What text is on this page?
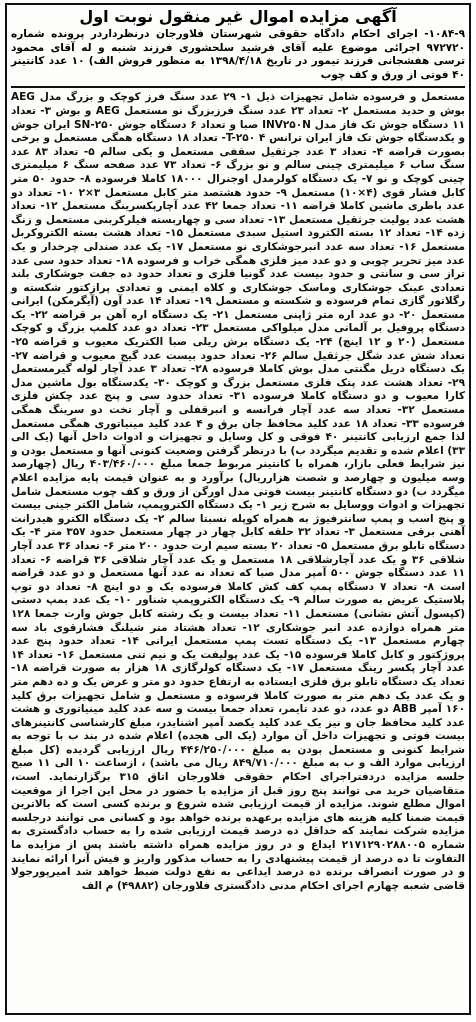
آگهی مزایده اموال غیر منقول نوبت اول

۱۰۸۴-۹- اجرای احکام دادگاه حقوقی شهرستان فلاورجان درنظرداردر پرونده شماره ۹۷۲۷۲۰ اجرائی موضوع علیه آقای فرشید سلحشوری فرزند شنبه و له آقای محمود ترسی هفشجانی فرزند تیمور در تاریخ ۱۳۹۸/۴/۱۸ به منظور فروش الف) ۱۰ عدد کانتینر ۴۰ فوتی از ورق و کف چوب

مستعمل و فرسوده شامل تجهیزات ذیل ۱- ۲۹ عدد سنگ فرز کوچک و بزرگ مدل AEG بوش و حدید مستعمل ۲- تعداد ۲۳ عدد سنگ فرزبزرگ نو مستعمل AEG و بوش ۳- تعداد ۱۱ دستگاه جوش تک فاز مدل INV۲۵۰N صبا و تعداد ۶ دستگاه جوش SN-۲۵۰ ایران جوش و یکدستگاه جوش تک فاز ایران ترانس T-۲۵۰ ۴- تعداد ۱۸ دستگاه همگی مستعمل و برخی بصورت قراضه ۴- تعداد ۳ عدد جرثقیل سقفی مستعمل و یکی سالم ۵- تعداد ۸۳ عدد سنگ ساب ۶ میلیمتری چینی سالم و نو بزرگ ۶- تعداد ۷۳ عدد صفحه سنگ ۶ میلیمتری چینی کوچک و نو ۷- یک دستگاه کولرمدل اوجنرال ۱۸۰۰۰ کاملا فرسوده ۸- حدود ۵۰ متر کابل فشار قوی (۴×۱۰) مستعمل ۹- حدود هشتصد متر کابل مستعمل ۳×۲ ۱۰- تعداد دو عدد باطری ماشین کاملا قراضه ۱۱- تعداد جمعا ۴۲ عدد آچارپکسرینگ مستعمل ۱۲- تعداد هشت عدد یولیت جرثقیل مستعمل ۱۳- تعداد سی و چهاربسته فیلرکربنی مستعمل و زنگ زده ۱۴- تعداد ۱۲ بسته الکترود استیل سبدی مستعمل ۱۵- تعداد هشت بسته الکتروکربل مستعمل ۱۶- تعداد سه عدد انبرجوشکاری نو مستعمل ۱۷- یک عدد صندلی چرخدار و یک عدد میز تحریر چوبی و دو عدد میز فلزی همگی خراب و فرسوده ۱۸- تعداد حدود سی عدد تراز سی و سانتی و حدود بیست عدد گونیا فلزی و تعداد حدود ده جفت جوشکاری بلند تعدادی عینک جوشکاری وماسک جوشکاری و کلاه ایمنی و تعدادی پرازکتور شکسته و رگلاتور گازی تمام فرسوده و شکسته و مستعمل ۱۹- تعداد ۱۴ عدد آون (آیگرمکن) ایرانی مستعمل ۲۰- دو عدد اره متر ژاپنی مستعمل ۲۱- یک دستگاه اره آهن بر قراضه ۲۲- یک دستگاه پروفیل بر آلمانی مدل میلواکی مستعمل ۲۳- تعداد دو عدد کلمپ بزرگ و کوچک مستعمل (۲۰ و ۱۲ اینچ) ۲۴- یک دستگاه برش ریلی صبا الکتریک معیوب و قراضه ۲۵- تعداد شش عدد شگل جرثقیل سالم ۲۶- تعداد حدود بیست عدد گیج معیوب و قراضه ۲۷- یک دستگاه دریل مگنتی مدل بوش کاملا فرسوده ۲۸- تعداد ۳ عدد آچار لوله گیرمستعمل ۲۹- تعداد هشت عدد پتک فلزی مستعمل بزرگ و کوچک ۳۰- یکدستگاه بول ماشین مدل کارا معیوب و دو دستگاه کاملا فرسوده ۳۱- تعداد حدود سی و پنج عدد چکش فلزی مستعمل ۳۲- تعداد سه عدد آچار فرانسه و انبرقفلی و آچار تخت دو سرینگ همگی فرسوده ۳۳- تعداد ۱۸ عدد کلید محافظ جان برق و ۴ عدد کلید مینیاتوری همگی مستعمل لذا جمع ارزیابی کانتینر ۴۰ فوقی و کل وسایل و تجهیزات و ادوات داخل آنها (یک الی ۳۳) اعلام شده و تقدیم میگردد ب) با درنظر گرفتن وضعیت کنونی آنها و مستعمل بودن و نیز شرایط فعلی بازار، همراه با کانتینر مربوط جمعا مبلغ ۴۰۳/۴۶۰/۰۰۰ ریال (چهارصد وسه میلیون و چهارصد و شصت هزارریال) برآورد و به عنوان قیمت پایه مزایده اعلام میگردد ب) دو دستگاه کانتینر بیست فوتی مدل اورگن از ورق و کف چوب مستعمل شامل تجهیزات و ادوات ووسایل به شرح زیر ۱- یک دستگاه الکتروپمپ، شامل الکتر جینی بیست و پنج اسب و پمپ سانترفیوژ به همراه کوپله نسبتا سالم ۲- یک دستگاه الکترو هیدرانت آهنی برقی مستعمل ۳- تعداد ۳۲ حلقه کابل چهار در چهار مستعمل حدود ۳۵۷ متر ۴- یک دستگاه تابلو برق مستعمل ۵- تعداد ۲۰ بسته سیم ارت حدود ۲۰۰ متر ۶- تعداد ۳۶ عدد آچار شلاقی ۳۶ و یک عدد آچارشلاقی ۱۸ مستعمل و یک عدد آچار شلاقی ۳۶ قراضه ۶- تعداد ۱۱ عدد دستگاه جوش ۵۰۰ آمپر مدل صبا که تعداد نه عدد آنها مستعمل و دو عدد قراضه است ۸- تعداد ۷ دستگاه پمپ کف کش کاملا فرسوده یک و دو اینچ ۸- تعداد دو توپ پلاستیک عریض به صورت سالم ۹- یک دستگاه الکتروپمپ شناور ۱۰- یک عدد بمپ دستی (کپسول آتش نشانی) مستعمل ۱۱- تعداد بیست و یک رشته کابل جوش وارت جمعا ۱۲۸ متر همراه دوازده عدد انبر جوشکاری ۱۲- تعداد هشتاد متر شیلنگ فشارقوی باد سه چهارم مستعمل ۱۳- یک دستگاه تست پمپ مستعمل ایرانی ۱۴- تعداد حدود پنج عدد پروژکتور و کابل کاملا فرسوده ۱۵- یک عدد پولیفت یک و نیم تنی مستعمل ۱۶- تعداد ۱۴ عدد آچار پکسر رینگ مستعمل ۱۷- یک دستگاه کولرگازی ۱۸ هزار به صورت قراضه ۱۸- تعداد یک دستگاه تابلو برق فلزی ایستاده به ارتفاع حدود دو متر و عرض یک و ده دهم متر و یک عدد یک دهم متر به صورت کاملا فرسوده و مستعمل و شامل تجهیزات برق کلید ۱۶۰ آمپر ABB دو عدد، دو عدد تایمر، تعداد جمعا بیست و سه عدد کلید مینیاتوری و هشت عدد کلید محافظ جان و نیز یک عدد کلید یکصد آمپر اشنایدر، مبلغ کارشناسی کانتینرهای بیست فوتی و تجهیزات داخل آن موارد (یک الی هجده) اعلام شده در بند ب با توجه به شرایط کنونی و مستعمل بودن به مبلغ ۴۴۶/۲۵۰/۰۰۰ ریال ارزیابی گردیده (کل مبلغ ارزیابی موارد الف و ب به مبلغ ۸۴۹/۷۱۰/۰۰۰ ریال می باشد) ، ازساعت ۱۰ الی ۱۱ صبح جلسه مزایده دردفتراجرای احکام حقوقی فلاورجان اتاق ۳۱۵ برگزارنماید. است، متقاضیان خرید می توانند پنج روز قبل از مزایده با حضور در محل این اجرا از موقعیت اموال مطلع شوند. مزایده از قیمت ارزیابی شده شروع و برنده کسی است که بالاترین قیمت ضمنا کلیه هزینه های مزایده برعهده برنده خواهد بود و کسانی می توانند درجلسه مزایده شرکت نمایند که حداقل ده درصد قیمت ارزیابی شده را به حساب دادگستری به شماره ۲۱۷۱۲۹۰۲۸۸۰۰۵ ایداع و در روز مزایده همراه داشته باشند پس از مزایده ما التفاوت تا ده درصد از قیمت پیشنهادی را به حساب مذکور واریز و فیش آنرا ارائه نمایند و در صورت انصراف برنده ده درصد ایداعی به نفع دولت ضبط خواهد شد امیرپورجولا قاضی شعبه چهارم اجرای احکام مدنی دادگستری فلاورجان (۴۹۸۸۲) م الف
